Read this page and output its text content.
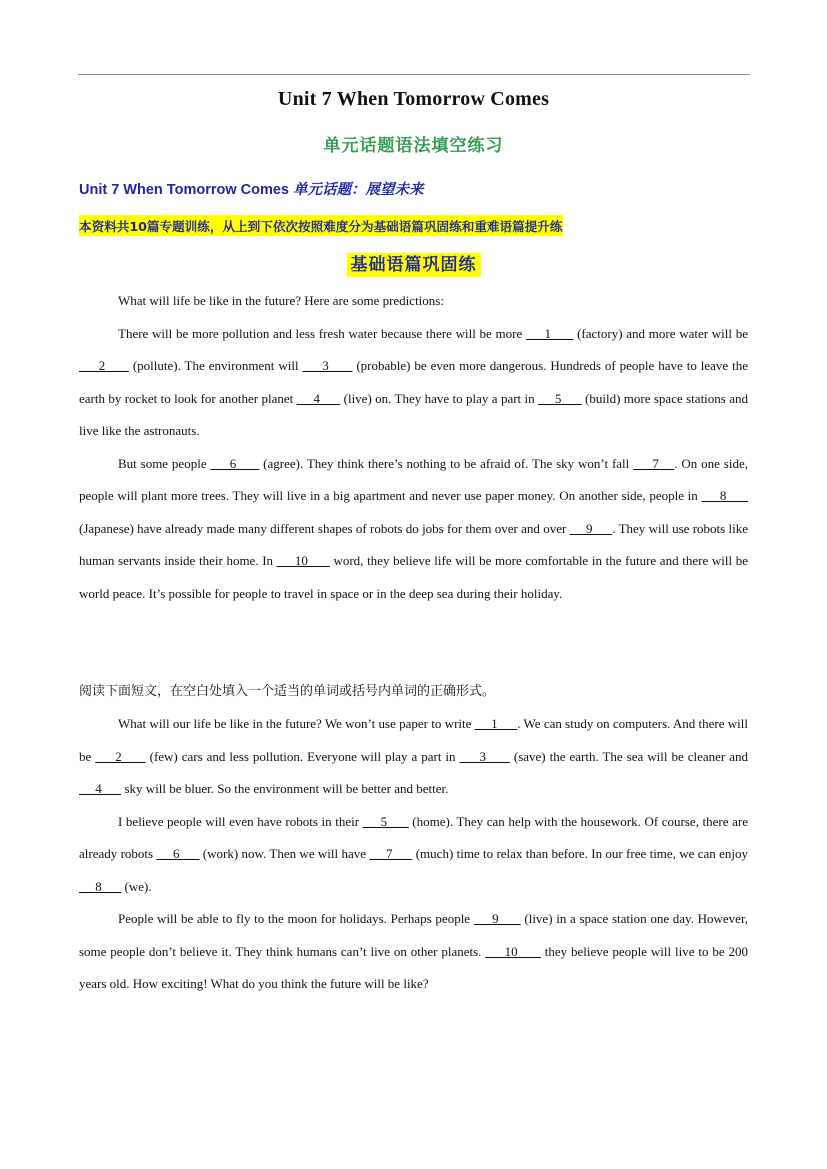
Unit 7 When Tomorrow Comes
单元话题语法填空练习
Unit 7 When Tomorrow Comes 单元话题：展望未来
本资料共10篇专题训练，从上到下依次按照难度分为基础语篇巩固练和重难语篇提升练
基础语篇巩固练

What will life be like in the future? Here are some predictions:

There will be more pollution and less fresh water because there will be more      1       (factory) and more water will be      2       (pollute). The environment will      3       (probable) be even more dangerous. Hundreds of people have to leave the earth by rocket to look for another planet      4       (live) on. They have to play a part in      5       (build) more space stations and live like the astronauts.

But some people      6       (agree). They think there’s nothing to be afraid of. The sky won’t fall      7    . On one side, people will plant more trees. They will live in a big apartment and never use paper money. On another side, people in      8       (Japanese) have already made many different shapes of robots do jobs for them over and over      9      . They will use robots like human servants inside their home. In      10       word, they believe life will be more comfortable in the future and there will be world peace. It’s possible for people to travel in space or in the deep sea during their holiday.

阅读下面短文，在空白处填入一个适当的单词或括号内单词的正确形式。

What will our life be like in the future? We won’t use paper to write      1      . We can study on computers. And there will be      2       (few) cars and less pollution. Everyone will play a part in      3       (save) the earth. The sea will be cleaner and      4       sky will be bluer. So the environment will be better and better.

I believe people will even have robots in their      5       (home). They can help with the housework. Of course, there are already robots      6       (work) now. Then we will have      7       (much) time to relax than before. In our free time, we can enjoy      8       (we).

People will be able to fly to the moon for holidays. Perhaps people      9       (live) in a space station one day. However, some people don’t believe it. They think humans can’t live on other planets.      10       they believe people will live to be 200 years old. How exciting! What do you think the future will be like?
